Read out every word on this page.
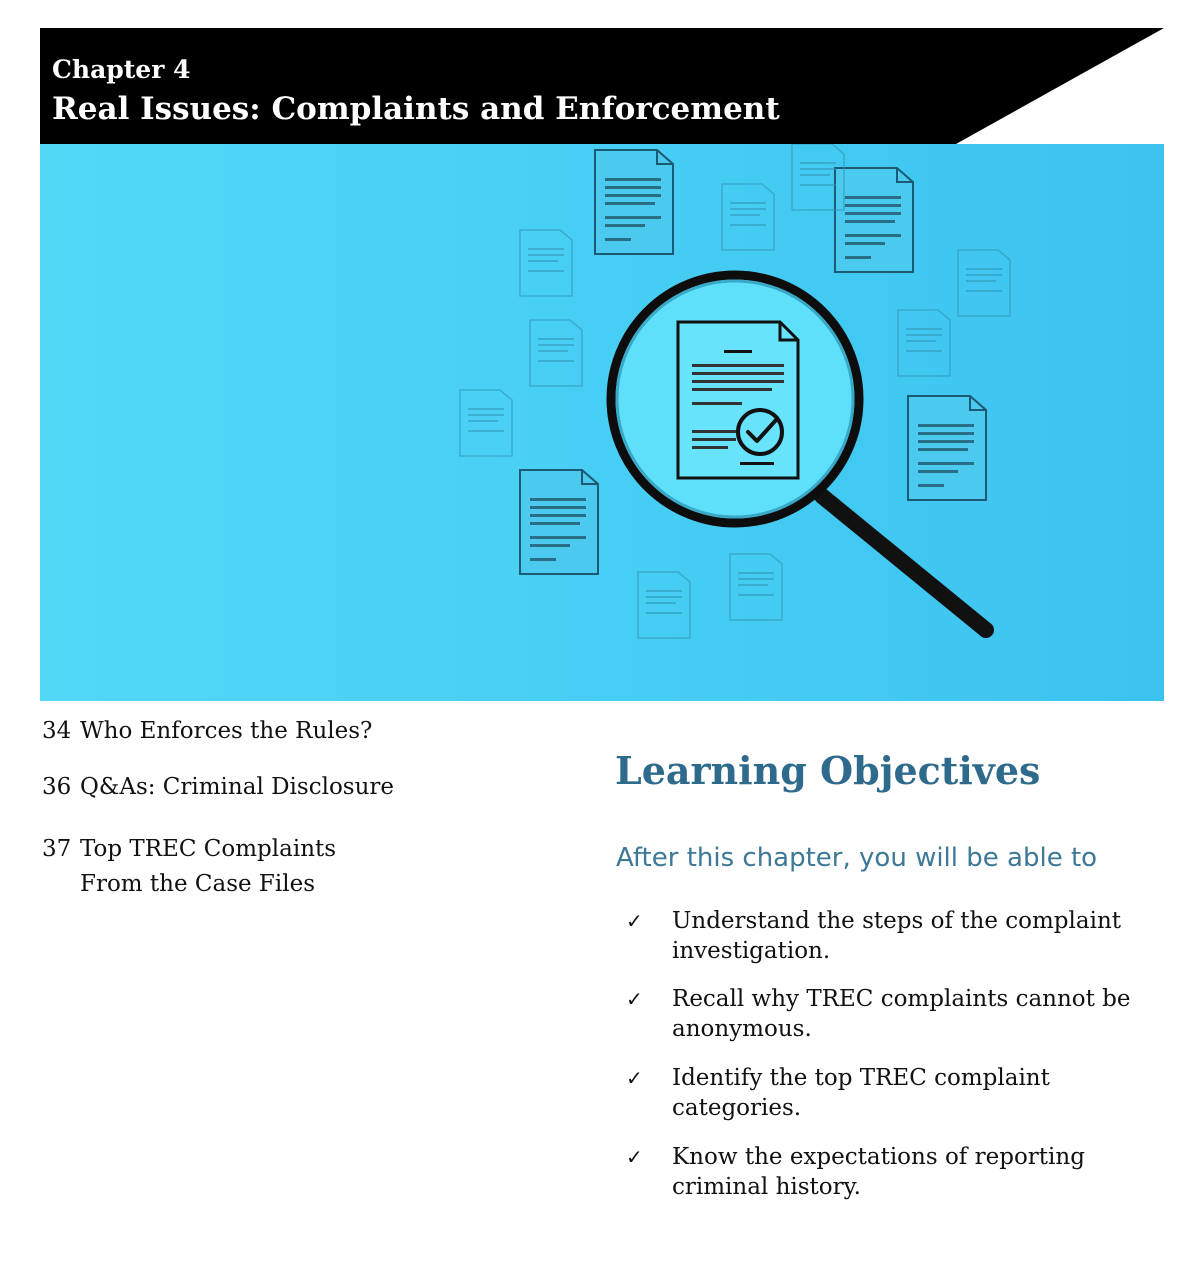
Chapter 4
Real Issues: Complaints and Enforcement
34 Who Enforces the Rules?
36 Q&As: Criminal Disclosure
37 Top TREC Complaints
From the Case Files
Learning Objectives
After this chapter, you will be able to
✓	Understand the steps of the complaint investigation.
✓	Recall why TREC complaints cannot be anonymous.
✓	Identify the top TREC complaint categories.
✓	Know the expectations of reporting criminal history.
